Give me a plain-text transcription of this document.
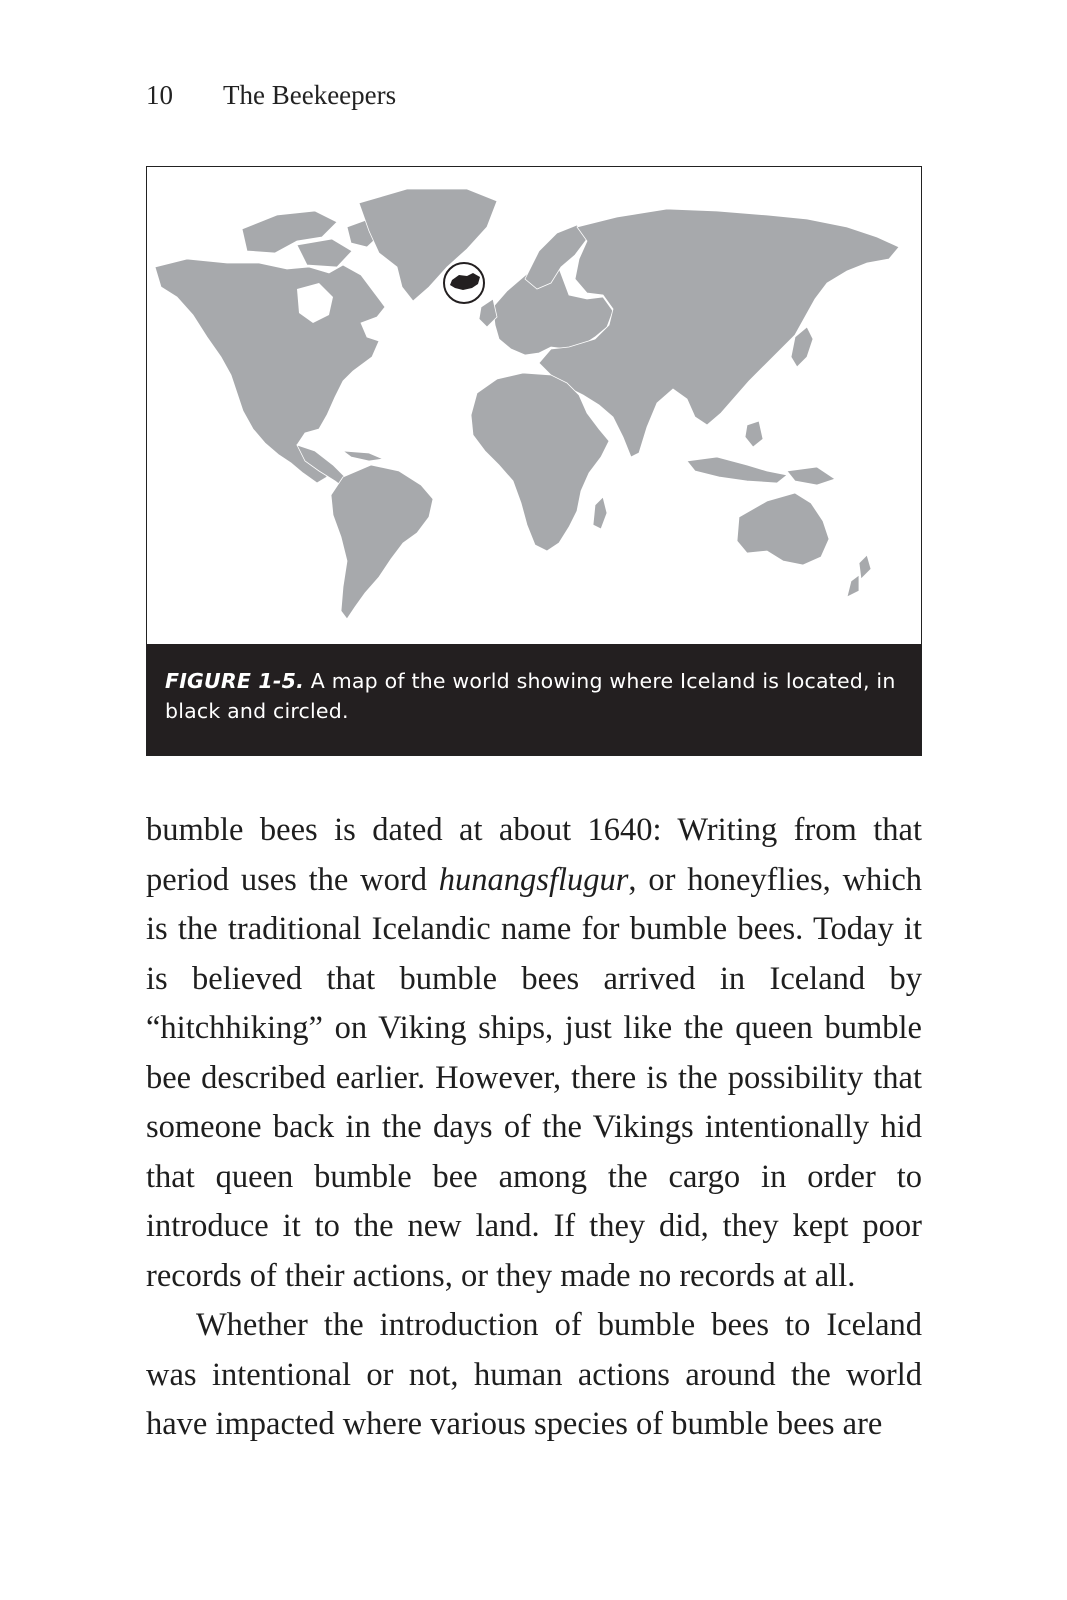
10 The Beekeepers
FIGURE 1-5. A map of the world showing where Iceland is located, in black and circled.

bumble bees is dated at about 1640: Writing from that period uses the word hunangsflugur, or honeyflies, which is the traditional Icelandic name for bumble bees. Today it is believed that bumble bees arrived in Iceland by “hitchhiking” on Viking ships, just like the queen bumble bee described earlier. However, there is the possibility that someone back in the days of the Vikings intentionally hid that queen bumble bee among the cargo in order to introduce it to the new land. If they did, they kept poor records of their actions, or they made no records at all.

Whether the introduction of bumble bees to Iceland was intentional or not, human actions around the world have impacted where various species of bumble bees are
